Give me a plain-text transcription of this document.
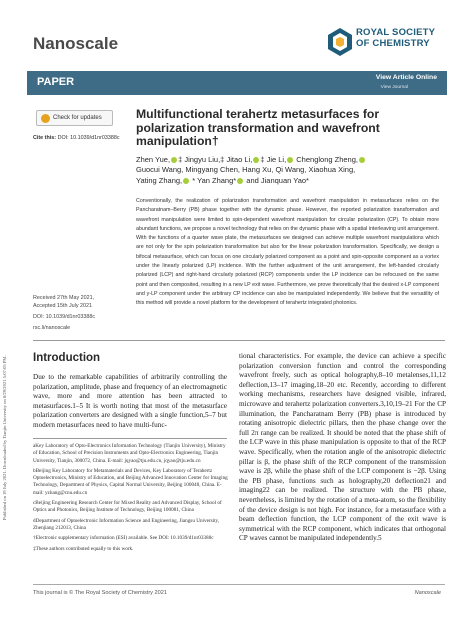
Published on 19 July 2021. Downloaded by Tianjin University on 8/29/2021 5:07:05 PM.
Nanoscale
ROYAL SOCIETY
OF CHEMISTRY
PAPER	View Article Online
View Journal
Check for updates
Cite this: DOI: 10.1039/d1nr03388c
Multifunctional terahertz metasurfaces for polarization transformation and wavefront manipulation†
Zhen Yue, ‡ Jingyu Liu,‡ Jitao Li, ‡ Jie Li, Chenglong Zheng,
Guocui Wang, Mingyang Chen, Hang Xu, Qi Wang, Xiaohua Xing,
Yating Zhang, * Yan Zhang* and Jianquan Yao*
Conventionally, the realization of polarization transformation and wavefront manipulation in metasurfaces relies on the Pancharatnam–Berry (PB) phase together with the dynamic phase. However, the reported polarization transformation and wavefront manipulation were limited to spin-dependent wavefront manipulation for circular polarization (CP). To obtain more abundant functions, we propose a novel technology that relies on the dynamic phase with a spatial interleaving unit arrangement. With the functions of a quarter wave plate, the metasurfaces we designed can achieve multiple wavefront manipulations which are not only for the spin polarization transformation but also for the linear polarization transformation. Specifically, we design a bifocal metasurface, which can focus on one circularly polarized component as a point and spin-opposite component as a vortex under the linearly polarized (LP) incidence. With the further adjustment of the unit arrangement, the left-handed circularly polarized (LCP) and right-hand circularly polarized (RCP) components under the LP incidence can be refocused on the same point and then composited, resulting in a new LP exit wave. Furthermore, we prove theoretically that the desired x-LP component and y-LP component under the arbitrary CP incidence can also be manipulated independently. We believe that the versatility of this method will provide a novel platform for the development of terahertz integrated photonics.
Received 27th May 2021,
Accepted 15th July 2021
DOI: 10.1039/d1nr03388c
rsc.li/nanoscale
Introduction
Due to the remarkable capabilities of arbitrarily controlling the polarization, amplitude, phase and frequency of an electromagnetic wave, more and more attention has been attracted to metasurfaces.1–5 It is worth noting that most of the metasurface polarization converters are designed with a single function,5–7 but modern metasurfaces need to have multi-func-

aKey Laboratory of Opto-Electronics Information Technology (Tianjin University), Ministry of Education, School of Precision Instruments and Opto-Electronics Engineering, Tianjin University, Tianjin, 300072, China. E-mail: jqyao@tju.edu.cn, jqyao@tju.edu.cn

bBeijing Key Laboratory for Metamaterials and Devices, Key Laboratory of Terahertz Optoelectronics, Ministry of Education, and Beijing Advanced Innovation Center for Imaging Technology, Department of Physics, Capital Normal University, Beijing 100048, China. E-mail: yzhang@cnu.edu.cn

cBeijing Engineering Research Center for Mixed Reality and Advanced Display, School of Optics and Photonics, Beijing Institute of Technology, Beijing 100081, China

dDepartment of Optoelectronic Information Science and Engineering, Jiangsu University, Zhenjiang 212013, China

†Electronic supplementary information (ESI) available. See DOI: 10.1039/d1nr03388c

‡These authors contributed equally to this work.

tional characteristics. For example, the device can achieve a specific polarization conversion function and control the corresponding wavefront freely, such as optical holography,8–10 metalenses,11,12 deflection,13–17 imaging,18–20 etc. Recently, according to different working mechanisms, researchers have designed visible, infrared, microwave and terahertz polarization converters.3,10,19–21 For the CP illumination, the Pancharatnam Berry (PB) phase is introduced by rotating anisotropic dielectric pillars, then the phase change over the full 2π range can be realized. It should be noted that the phase shift of the LCP wave in this phase manipulation is opposite to that of the RCP wave. Specifically, when the rotation angle of the anisotropic dielectric pillar is β, the phase shift of the RCP component of the transmission wave is 2β, while the phase shift of the LCP component is −2β. Using the PB phase, functions such as holography,20 deflection21 and imaging22 can be realized. The structure with the PB phase, nevertheless, is limited by the rotation of a meta-atom, so the flexibility of the device design is not high. For instance, for a metasurface with a beam deflection function, the LCP component of the exit wave is symmetrical with the RCP component, which indicates that orthogonal CP waves cannot be manipulated independently.5
This journal is © The Royal Society of Chemistry 2021	Nanoscale
